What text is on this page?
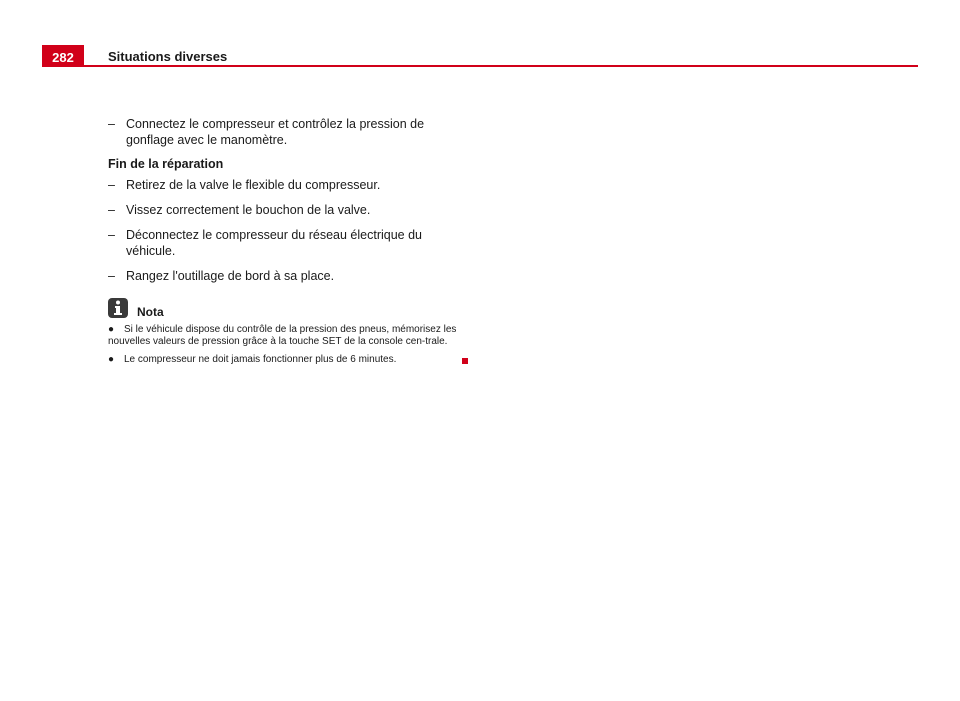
282	Situations diverses
– Connectez le compresseur et contrôlez la pression de gonflage avec le manomètre.
Fin de la réparation
– Retirez de la valve le flexible du compresseur.
– Vissez correctement le bouchon de la valve.
– Déconnectez le compresseur du réseau électrique du véhicule.
– Rangez l'outillage de bord à sa place.
Nota
● Si le véhicule dispose du contrôle de la pression des pneus, mémorisez les nouvelles valeurs de pression grâce à la touche SET de la console cen-trale.
● Le compresseur ne doit jamais fonctionner plus de 6 minutes.
